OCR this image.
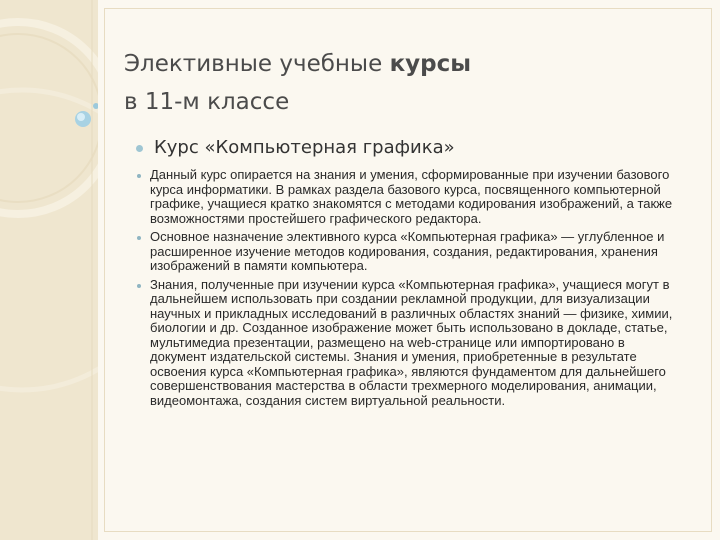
Элективные учебные курсы
в 11-м классе
Курс «Компьютерная графика»
Данный курс опирается на знания и умения, сформированные при изучении базового курса информатики. В рамках раздела базового курса, посвященного компьютерной графике, учащиеся кратко знакомятся с методами кодирования изображений, а также возможностями простейшего графического редактора.
Основное назначение элективного курса «Компьютерная графика» — углубленное и расширенное изучение методов кодирования, создания, редактирования, хранения изображений в памяти компьютера.
Знания, полученные при изучении курса «Компьютерная графика», учащиеся могут в дальнейшем использовать при создании рекламной продукции, для визуализации научных и прикладных исследований в различных областях знаний — физике, химии, биологии и др. Созданное изображение может быть использовано в докладе, статье, мультимедиа презентации, размещено на web-странице или импортировано в документ издательской системы. Знания и умения, приобретенные в результате освоения курса «Компьютерная графика», являются фундаментом для дальнейшего совершенствования мастерства в области трехмерного моделирования, анимации, видеомонтажа, создания систем виртуальной реальности.
